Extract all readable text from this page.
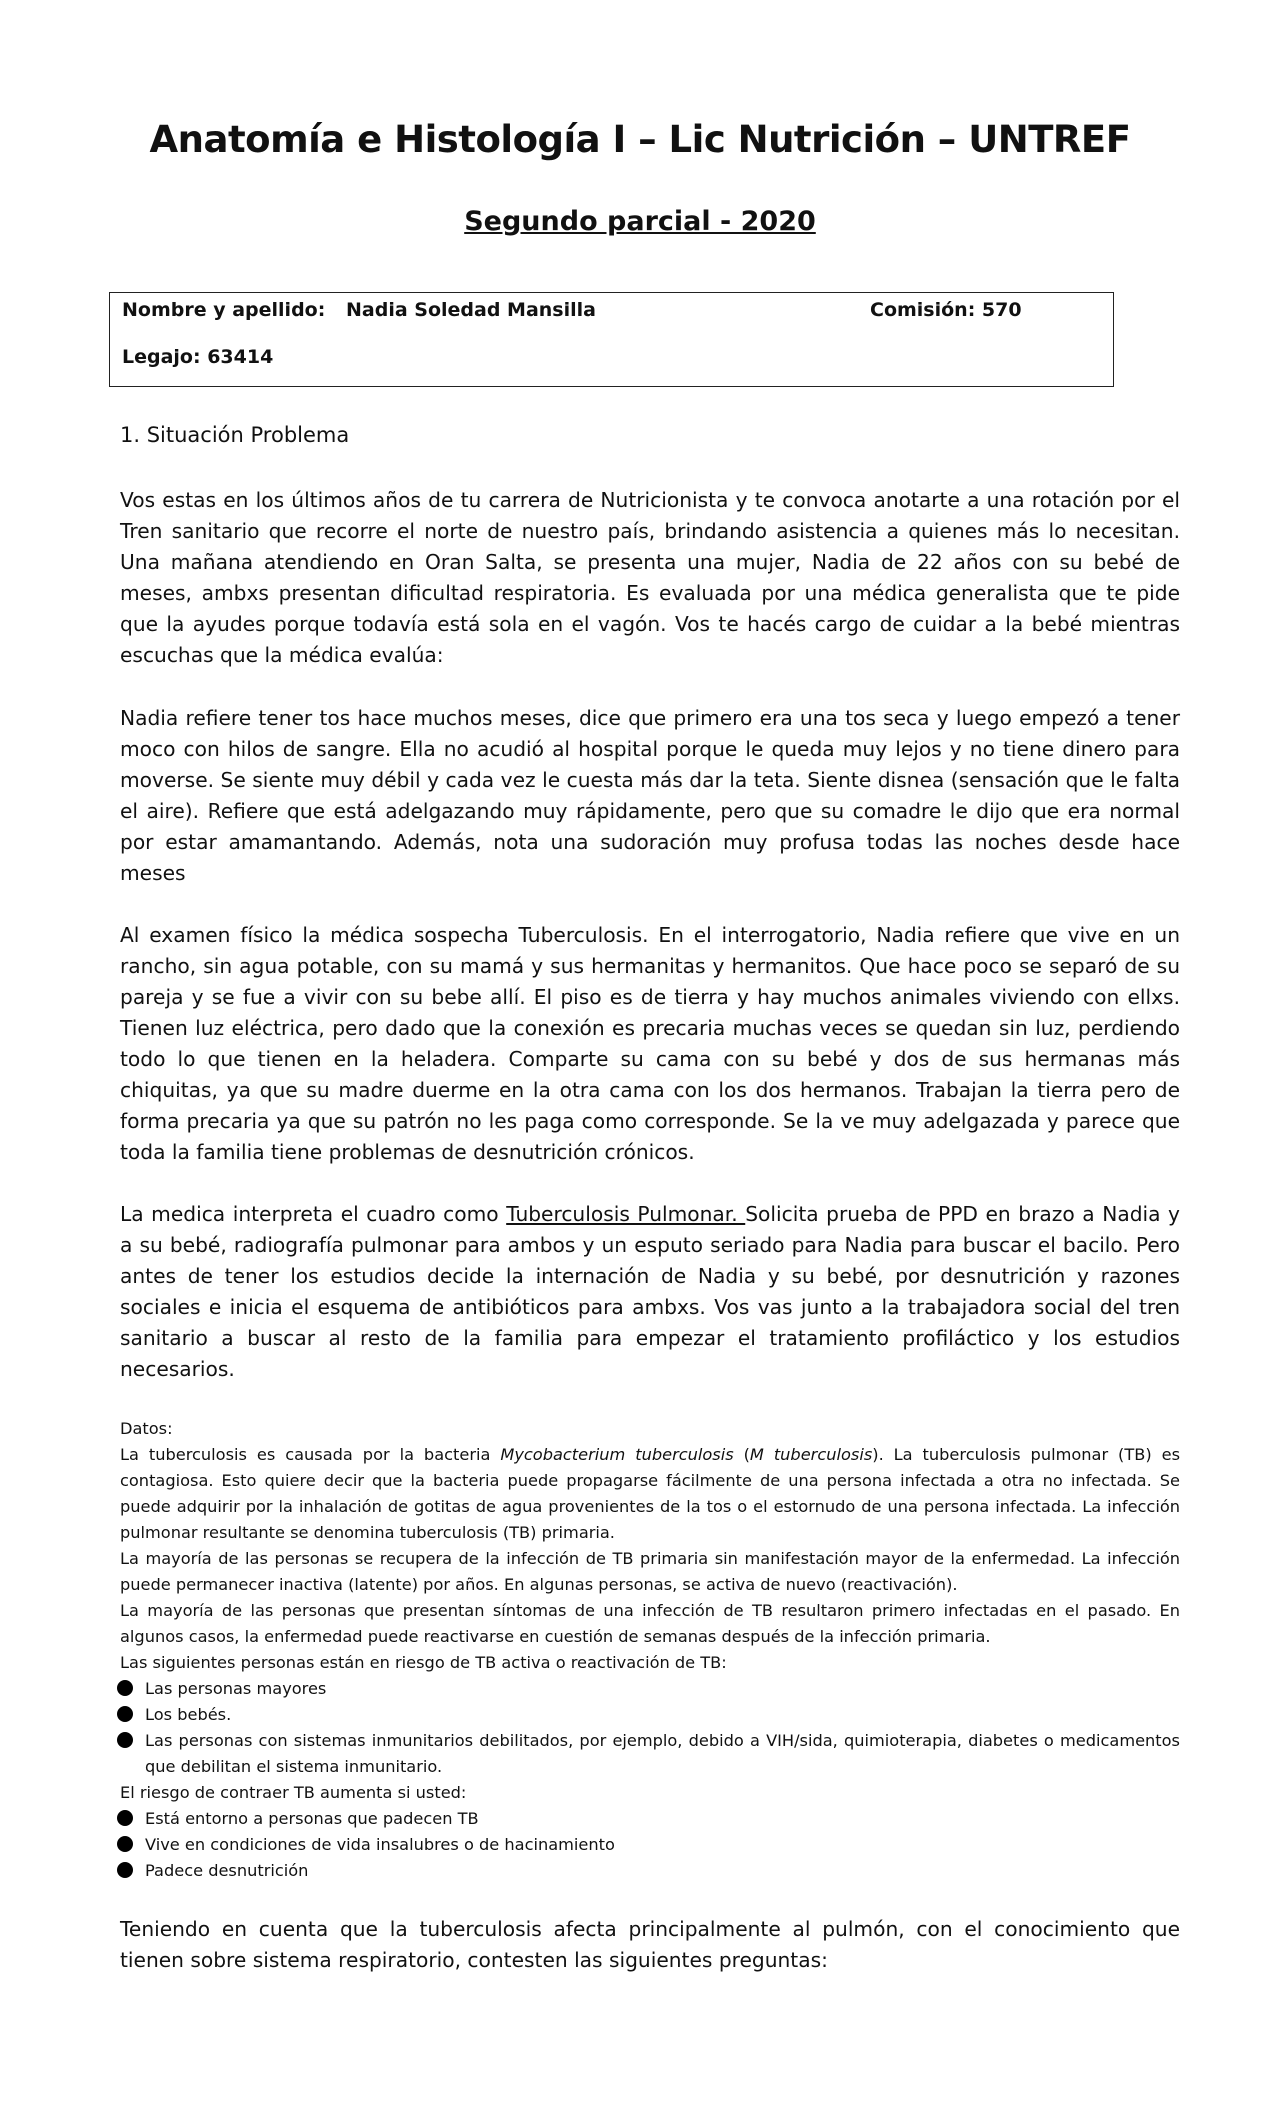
Anatomía e Histología I – Lic Nutrición – UNTREF
Segundo parcial - 2020
Nombre y apellido: Nadia Soledad Mansilla	Comisión: 570
Legajo: 63414
1. Situación Problema

Vos estas en los últimos años de tu carrera de Nutricionista y te convoca anotarte a una rotación por el Tren sanitario que recorre el norte de nuestro país, brindando asistencia a quienes más lo necesitan. Una mañana atendiendo en Oran Salta, se presenta una mujer, Nadia de 22 años con su bebé de meses, ambxs presentan dificultad respiratoria. Es evaluada por una médica generalista que te pide que la ayudes porque todavía está sola en el vagón. Vos te hacés cargo de cuidar a la bebé mientras escuchas que la médica evalúa:

Nadia refiere tener tos hace muchos meses, dice que primero era una tos seca y luego empezó a tener moco con hilos de sangre. Ella no acudió al hospital porque le queda muy lejos y no tiene dinero para moverse. Se siente muy débil y cada vez le cuesta más dar la teta. Siente disnea (sensación que le falta el aire). Refiere que está adelgazando muy rápidamente, pero que su comadre le dijo que era normal por estar amamantando. Además, nota una sudoración muy profusa todas las noches desde hace meses

Al examen físico la médica sospecha Tuberculosis. En el interrogatorio, Nadia refiere que vive en un rancho, sin agua potable, con su mamá y sus hermanitas y hermanitos. Que hace poco se separó de su pareja y se fue a vivir con su bebe allí. El piso es de tierra y hay muchos animales viviendo con ellxs. Tienen luz eléctrica, pero dado que la conexión es precaria muchas veces se quedan sin luz, perdiendo todo lo que tienen en la heladera. Comparte su cama con su bebé y dos de sus hermanas más chiquitas, ya que su madre duerme en la otra cama con los dos hermanos. Trabajan la tierra pero de forma precaria ya que su patrón no les paga como corresponde. Se la ve muy adelgazada y parece que toda la familia tiene problemas de desnutrición crónicos.

La medica interpreta el cuadro como Tuberculosis Pulmonar. Solicita prueba de PPD en brazo a Nadia y a su bebé, radiografía pulmonar para ambos y un esputo seriado para Nadia para buscar el bacilo. Pero antes de tener los estudios decide la internación de Nadia y su bebé, por desnutrición y razones sociales e inicia el esquema de antibióticos para ambxs. Vos vas junto a la trabajadora social del tren sanitario a buscar al resto de la familia para empezar el tratamiento profiláctico y los estudios necesarios.

Datos:

La tuberculosis es causada por la bacteria Mycobacterium tuberculosis (M tuberculosis). La tuberculosis pulmonar (TB) es contagiosa. Esto quiere decir que la bacteria puede propagarse fácilmente de una persona infectada a otra no infectada. Se puede adquirir por la inhalación de gotitas de agua provenientes de la tos o el estornudo de una persona infectada. La infección pulmonar resultante se denomina tuberculosis (TB) primaria.

La mayoría de las personas se recupera de la infección de TB primaria sin manifestación mayor de la enfermedad. La infección puede permanecer inactiva (latente) por años. En algunas personas, se activa de nuevo (reactivación).

La mayoría de las personas que presentan síntomas de una infección de TB resultaron primero infectadas en el pasado. En algunos casos, la enfermedad puede reactivarse en cuestión de semanas después de la infección primaria.

Las siguientes personas están en riesgo de TB activa o reactivación de TB:

Las personas mayores
Los bebés.
Las personas con sistemas inmunitarios debilitados, por ejemplo, debido a VIH/sida, quimioterapia, diabetes o medicamentos que debilitan el sistema inmunitario.

El riesgo de contraer TB aumenta si usted:

Está entorno a personas que padecen TB
Vive en condiciones de vida insalubres o de hacinamiento
Padece desnutrición

Teniendo en cuenta que la tuberculosis afecta principalmente al pulmón, con el conocimiento que tienen sobre sistema respiratorio, contesten las siguientes preguntas:
